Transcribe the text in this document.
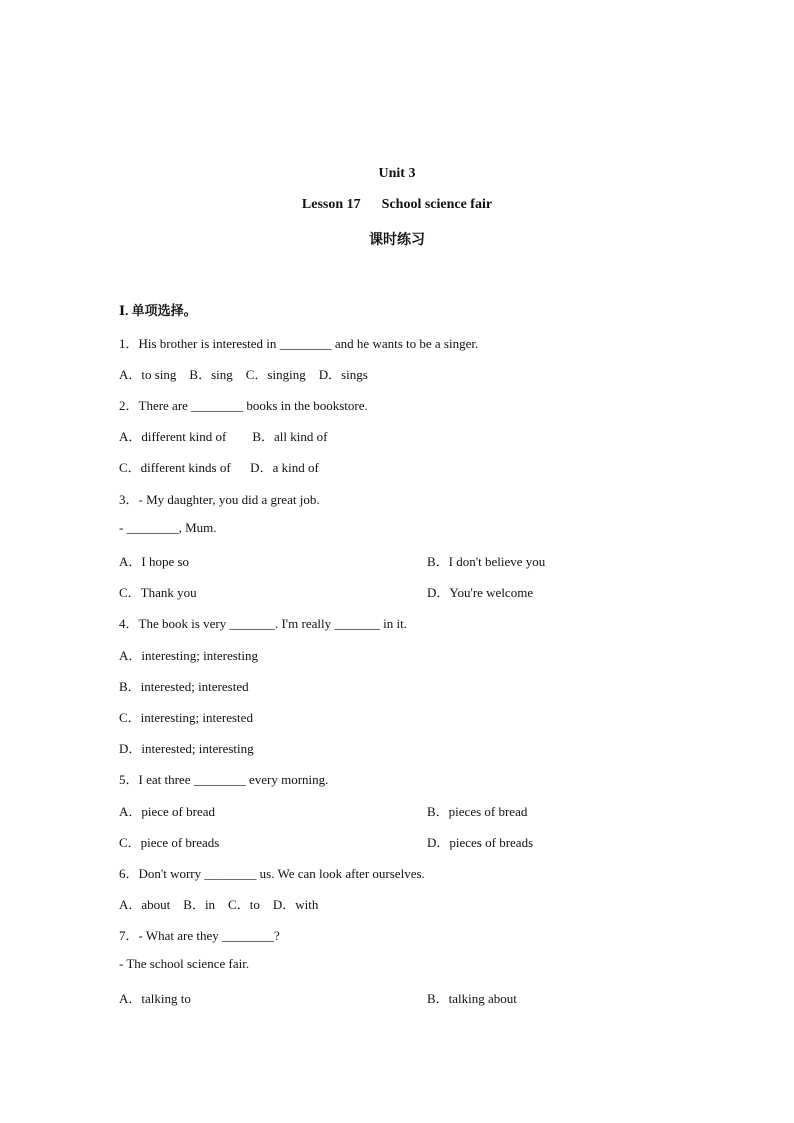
Unit 3
Lesson 17      School science fair
课时练习
Ⅰ. 单项选择。
1．His brother is interested in ________ and he wants to be a singer.
A．to sing    B．sing    C．singing    D．sings
2．There are ________ books in the bookstore.
A．different kind of        B．all kind of
C．different kinds of      D．a kind of
3．- My daughter, you did a great job.
- ________, Mum.
A．I hope so	B．I don't believe you
C．Thank you	D．You're welcome
4．The book is very _______. I'm really _______ in it.
A．interesting; interesting
B．interested; interested
C．interesting; interested
D．interested; interesting
5．I eat three ________ every morning.
A．piece of bread	B．pieces of bread
C．piece of breads	D．pieces of breads
6．Don't worry ________ us. We can look after ourselves.
A．about    B．in    C．to    D．with
7．- What are they ________?
- The school science fair.
A．talking to	B．talking about
